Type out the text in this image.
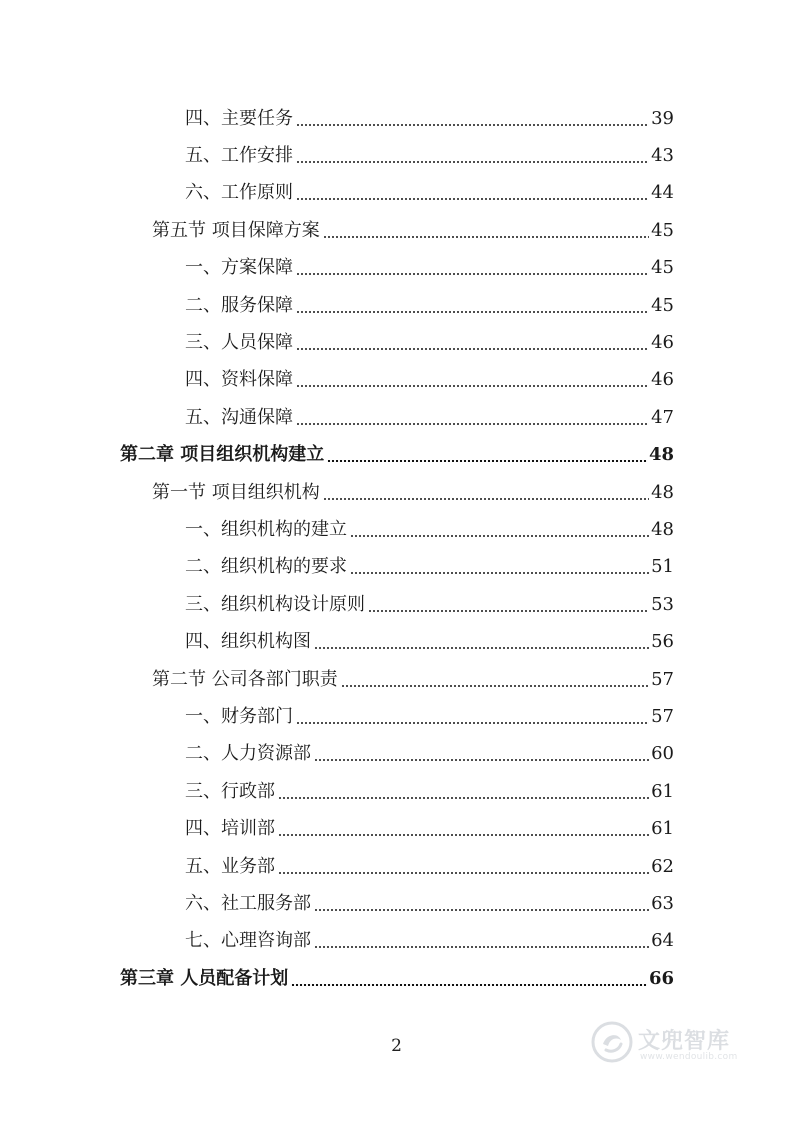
四、主要任务	39
五、工作安排	43
六、工作原则	44
第五节 项目保障方案	45
一、方案保障	45
二、服务保障	45
三、人员保障	46
四、资料保障	46
五、沟通保障	47
第二章 项目组织机构建立	48
第一节 项目组织机构	48
一、组织机构的建立	48
二、组织机构的要求	51
三、组织机构设计原则	53
四、组织机构图	56
第二节 公司各部门职责	57
一、财务部门	57
二、人力资源部	60
三、行政部	61
四、培训部	61
五、业务部	62
六、社工服务部	63
七、心理咨询部	64
第三章 人员配备计划	66
2	文兜智库
www.wendoulib.com
